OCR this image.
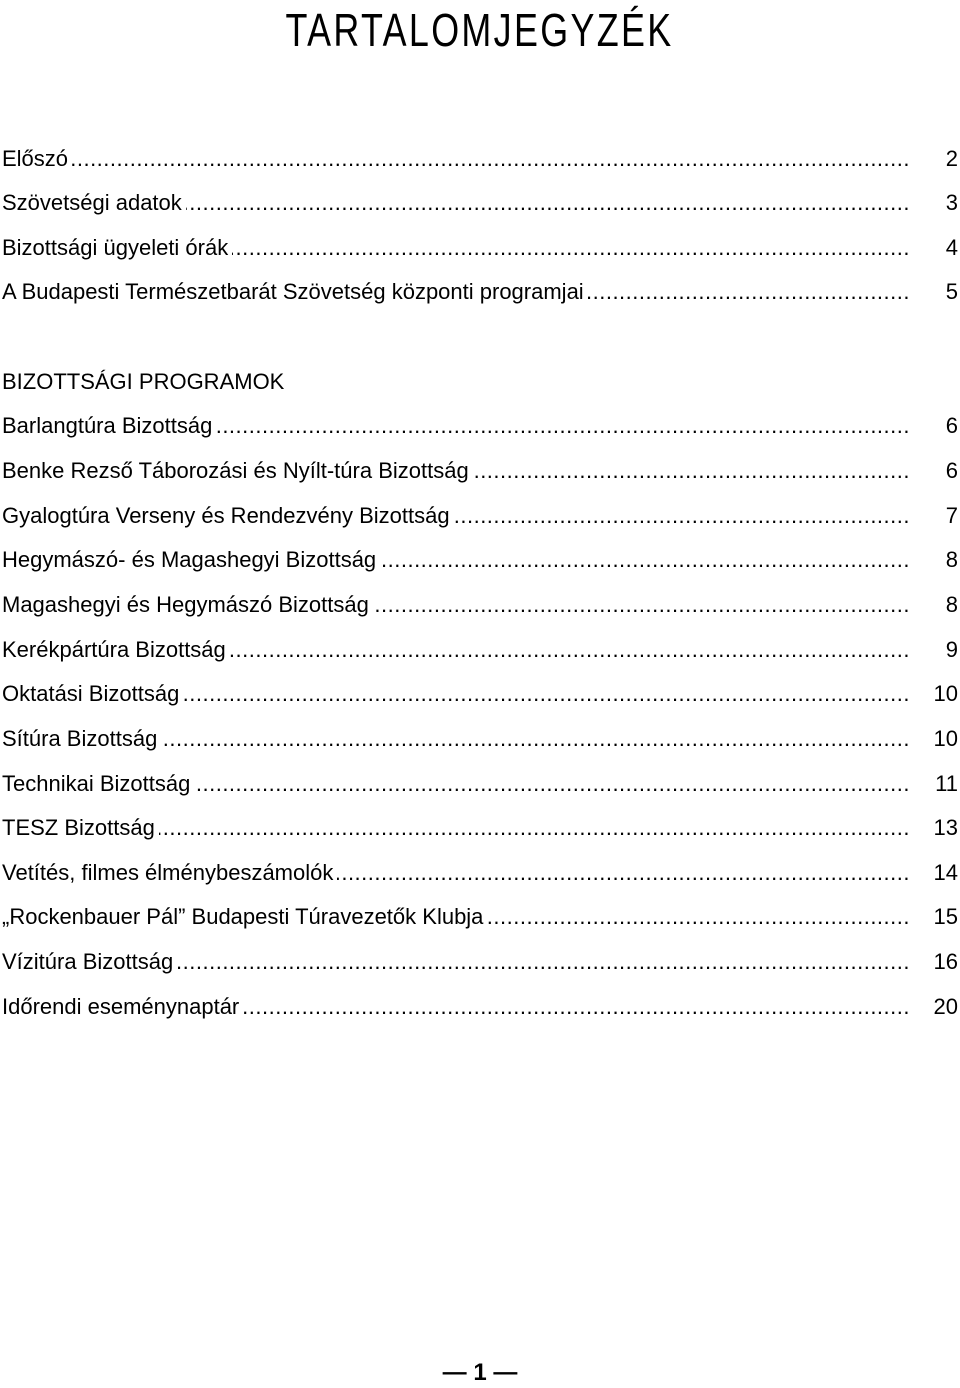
TARTALOMJEGYZÉK
.....
Előszó	2
.....
Szövetségi adatok	3
.....
Bizottsági ügyeleti órák	4
.....
A Budapesti Természetbarát Szövetség központi programjai	5
BIZOTTSÁGI PROGRAMOK
.....
Barlangtúra Bizottság	6
.....
Benke Rezső Táborozási és Nyílt-túra Bizottság	6
.....
Gyalogtúra Verseny és Rendezvény Bizottság	7
.....
Hegymászó- és Magashegyi Bizottság	8
.....
Magashegyi és Hegymászó Bizottság	8
.....
Kerékpártúra Bizottság	9
.....
Oktatási Bizottság	10
.....
Sítúra Bizottság	10
.....
Technikai Bizottság	11
.....
TESZ Bizottság	13
.....
Vetítés, filmes élménybeszámolók	14
.....
„Rockenbauer Pál” Budapesti Túravezetők Klubja	15
.....
Vízitúra Bizottság	16
.....
Időrendi eseménynaptár	20
— 1 —
